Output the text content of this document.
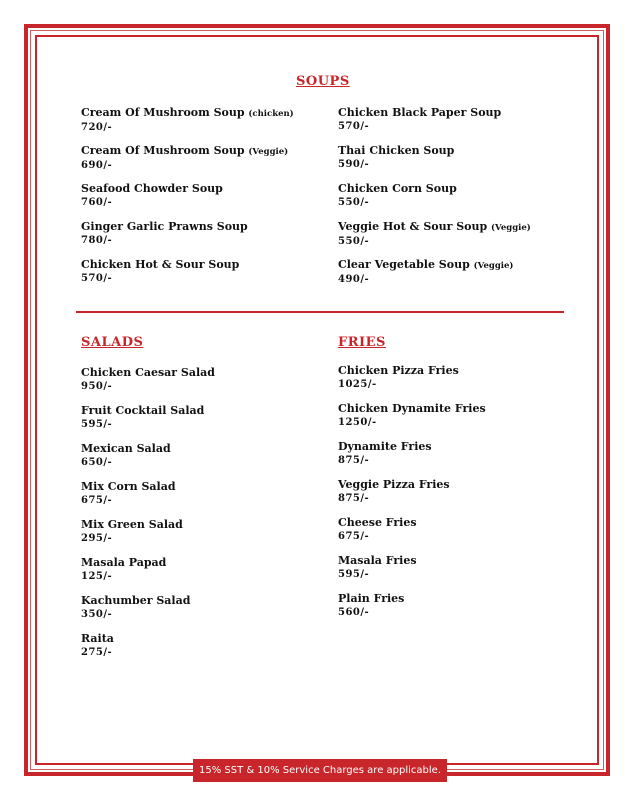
SOUPS
Cream Of Mushroom Soup (chicken)
720/-
Cream Of Mushroom Soup (Veggie)
690/-
Seafood Chowder Soup
760/-
Ginger Garlic Prawns Soup
780/-
Chicken Hot & Sour Soup
570/-
Chicken Black Paper Soup
570/-
Thai Chicken Soup
590/-
Chicken Corn Soup
550/-
Veggie Hot & Sour Soup (Veggie)
550/-
Clear Vegetable Soup (Veggie)
490/-
SALADS
Chicken Caesar Salad
950/-
Fruit Cocktail Salad
595/-
Mexican Salad
650/-
Mix Corn Salad
675/-
Mix Green Salad
295/-
Masala Papad
125/-
Kachumber Salad
350/-
Raita
275/-
FRIES
Chicken Pizza Fries
1025/-
Chicken Dynamite Fries
1250/-
Dynamite Fries
875/-
Veggie Pizza Fries
875/-
Cheese Fries
675/-
Masala Fries
595/-
Plain Fries
560/-
15% SST & 10% Service Charges are applicable.
